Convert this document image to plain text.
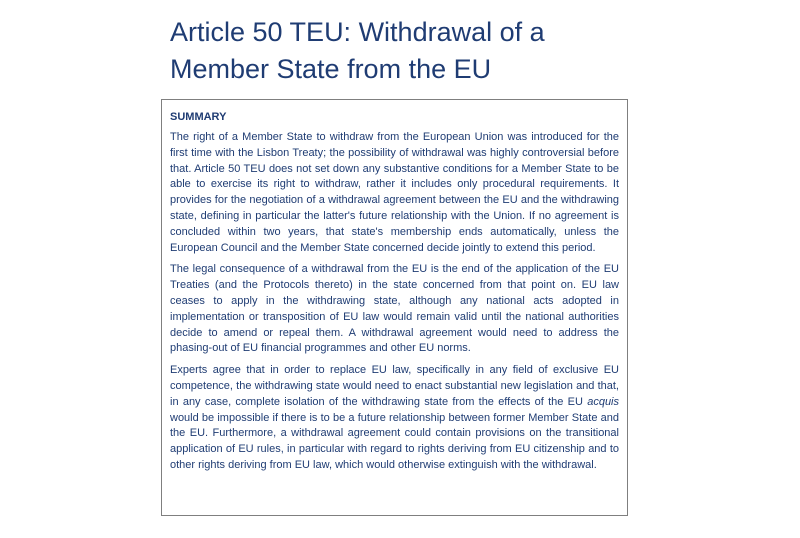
Article 50 TEU: Withdrawal of a Member State from the EU
SUMMARY

The right of a Member State to withdraw from the European Union was introduced for the first time with the Lisbon Treaty; the possibility of withdrawal was highly controversial before that. Article 50 TEU does not set down any substantive conditions for a Member State to be able to exercise its right to withdraw, rather it includes only procedural requirements. It provides for the negotiation of a withdrawal agreement between the EU and the withdrawing state, defining in particular the latter's future relationship with the Union. If no agreement is concluded within two years, that state's membership ends automatically, unless the European Council and the Member State concerned decide jointly to extend this period.

The legal consequence of a withdrawal from the EU is the end of the application of the EU Treaties (and the Protocols thereto) in the state concerned from that point on. EU law ceases to apply in the withdrawing state, although any national acts adopted in implementation or transposition of EU law would remain valid until the national authorities decide to amend or repeal them. A withdrawal agreement would need to address the phasing-out of EU financial programmes and other EU norms.

Experts agree that in order to replace EU law, specifically in any field of exclusive EU competence, the withdrawing state would need to enact substantial new legislation and that, in any case, complete isolation of the withdrawing state from the effects of the EU acquis would be impossible if there is to be a future relationship between former Member State and the EU. Furthermore, a withdrawal agreement could contain provisions on the transitional application of EU rules, in particular with regard to rights deriving from EU citizenship and to other rights deriving from EU law, which would otherwise extinguish with the withdrawal.
